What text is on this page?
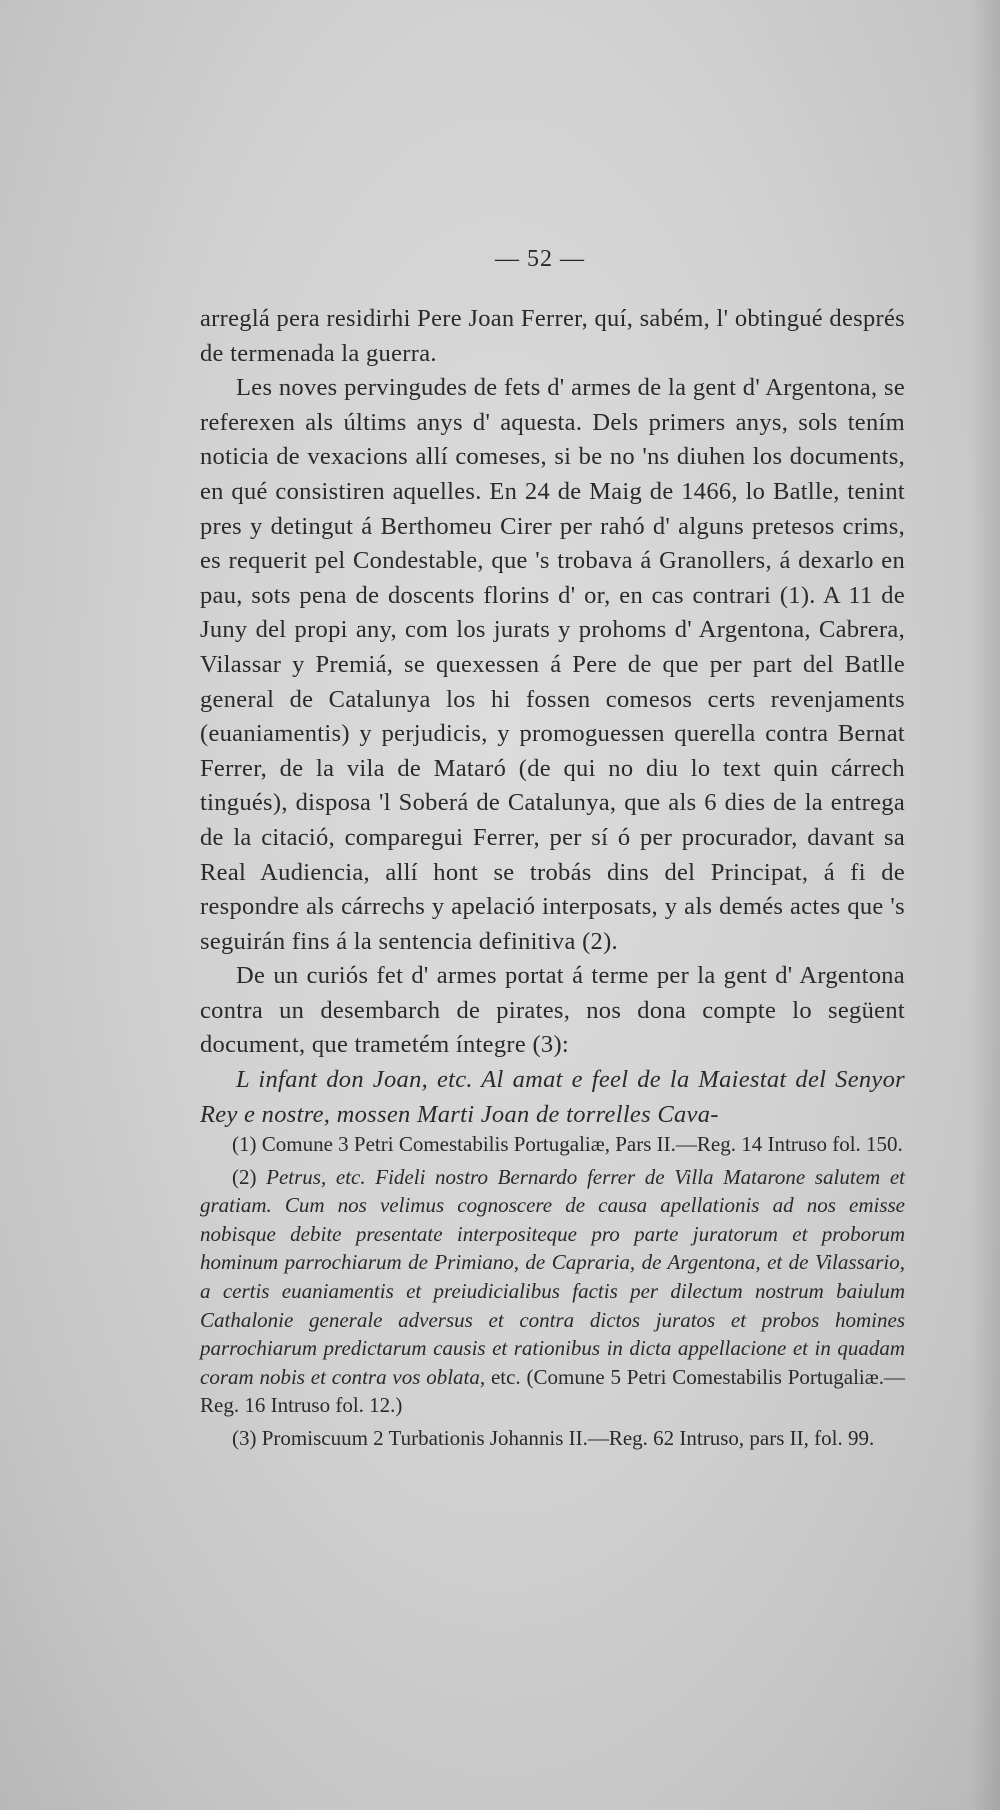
— 52 —

arreglá pera residirhi Pere Joan Ferrer, quí, sabém, l' obtingué després de termenada la guerra.

Les noves pervingudes de fets d' armes de la gent d' Argentona, se referexen als últims anys d' aquesta. Dels primers anys, sols tením noticia de vexacions allí comeses, si be no 'ns diuhen los documents, en qué consistiren aquelles. En 24 de Maig de 1466, lo Batlle, tenint pres y detingut á Berthomeu Cirer per rahó d' alguns pretesos crims, es requerit pel Condestable, que 's trobava á Granollers, á dexarlo en pau, sots pena de doscents florins d' or, en cas contrari (1). A 11 de Juny del propi any, com los jurats y prohoms d' Argentona, Cabrera, Vilassar y Premiá, se quexessen á Pere de que per part del Batlle general de Catalunya los hi fossen comesos certs revenjaments (euaniamentis) y perjudicis, y promoguessen querella contra Bernat Ferrer, de la vila de Mataró (de qui no diu lo text quin cárrech tingués), disposa 'l Soberá de Catalunya, que als 6 dies de la entrega de la citació, comparegui Ferrer, per sí ó per procurador, davant sa Real Audiencia, allí hont se trobás dins del Principat, á fi de respondre als cárrechs y apelació interposats, y als demés actes que 's seguirán fins á la sentencia definitiva (2).

De un curiós fet d' armes portat á terme per la gent d' Argentona contra un desembarch de pirates, nos dona compte lo següent document, que trametém íntegre (3):

L infant don Joan, etc. Al amat e feel de la Maiestat del Senyor Rey e nostre, mossen Marti Joan de torrelles Cava-

(1) Comune 3 Petri Comestabilis Portugaliæ, Pars II.—Reg. 14 Intruso fol. 150.

(2) Petrus, etc. Fideli nostro Bernardo ferrer de Villa Matarone salutem et gratiam. Cum nos velimus cognoscere de causa apellationis ad nos emisse nobisque debite presentate interpositeque pro parte juratorum et proborum hominum parrochiarum de Primiano, de Capraria, de Argentona, et de Vilassario, a certis euaniamentis et preiudicialibus factis per dilectum nostrum baiulum Cathalonie generale adversus et contra dictos juratos et probos homines parrochiarum predictarum causis et rationibus in dicta appellacione et in quadam coram nobis et contra vos oblata, etc. (Comune 5 Petri Comestabilis Portugaliæ.—Reg. 16 Intruso fol. 12.)

(3) Promiscuum 2 Turbationis Johannis II.—Reg. 62 Intruso, pars II, fol. 99.
